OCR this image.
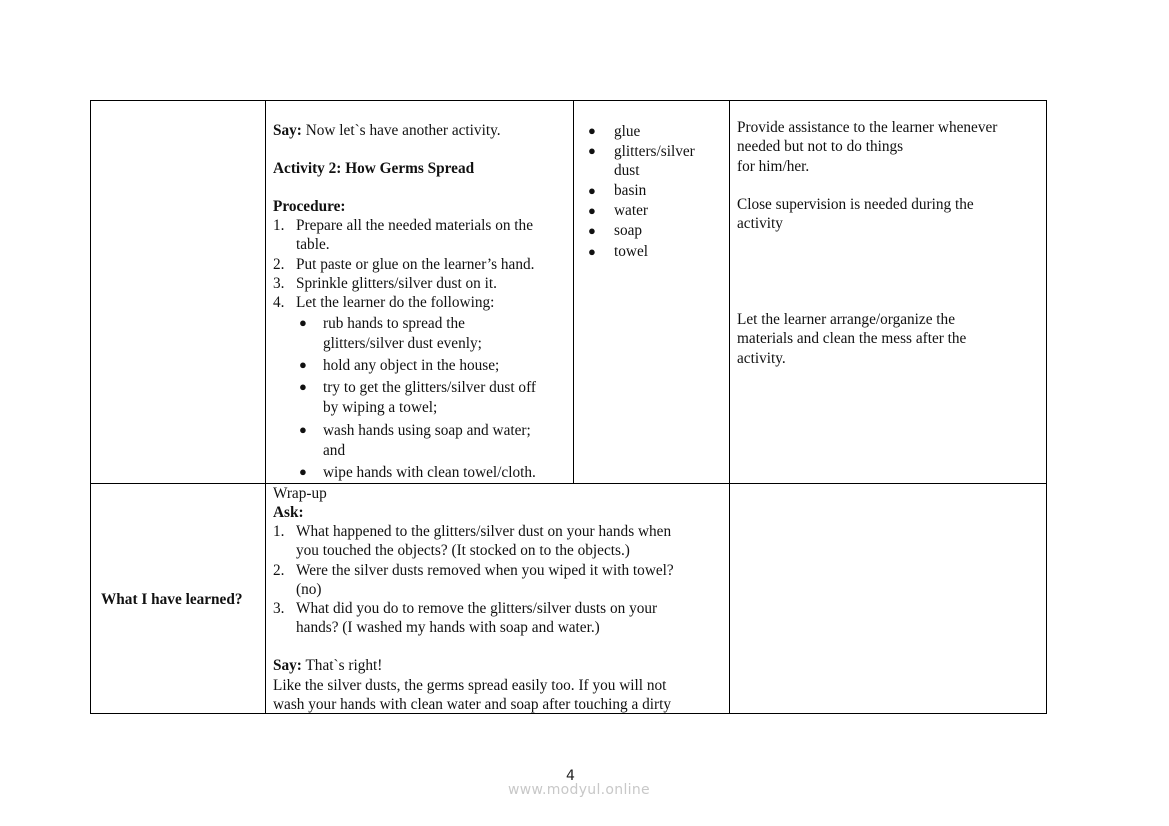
Say: Now let`s have another activity.
Activity 2: How Germs Spread
Procedure:
1. Prepare all the needed materials on the
table.
2. Put paste or glue on the learner’s hand.
3. Sprinkle glitters/silver dust on it.
4. Let the learner do the following:
● rub hands to spread the
glitters/silver dust evenly;
● hold any object in the house;
● try to get the glitters/silver dust off
by wiping a towel;
● wash hands using soap and water;
and
● wipe hands with clean towel/cloth.
● glue
● glitters/silver
dust
● basin
● water
● soap
● towel
Provide assistance to the learner whenever
needed but not to do things
for him/her.
Close supervision is needed during the
activity
Let the learner arrange/organize the
materials and clean the mess after the
activity.
What I have learned?
Wrap-up
Ask:
1. What happened to the glitters/silver dust on your hands when
you touched the objects? (It stocked on to the objects.)
2. Were the silver dusts removed when you wiped it with towel?
(no)
3. What did you do to remove the glitters/silver dusts on your
hands? (I washed my hands with soap and water.)
Say: That`s right!
Like the silver dusts, the germs spread easily too. If you will not
wash your hands with clean water and soap after touching a dirty
4
www.modyul.online
